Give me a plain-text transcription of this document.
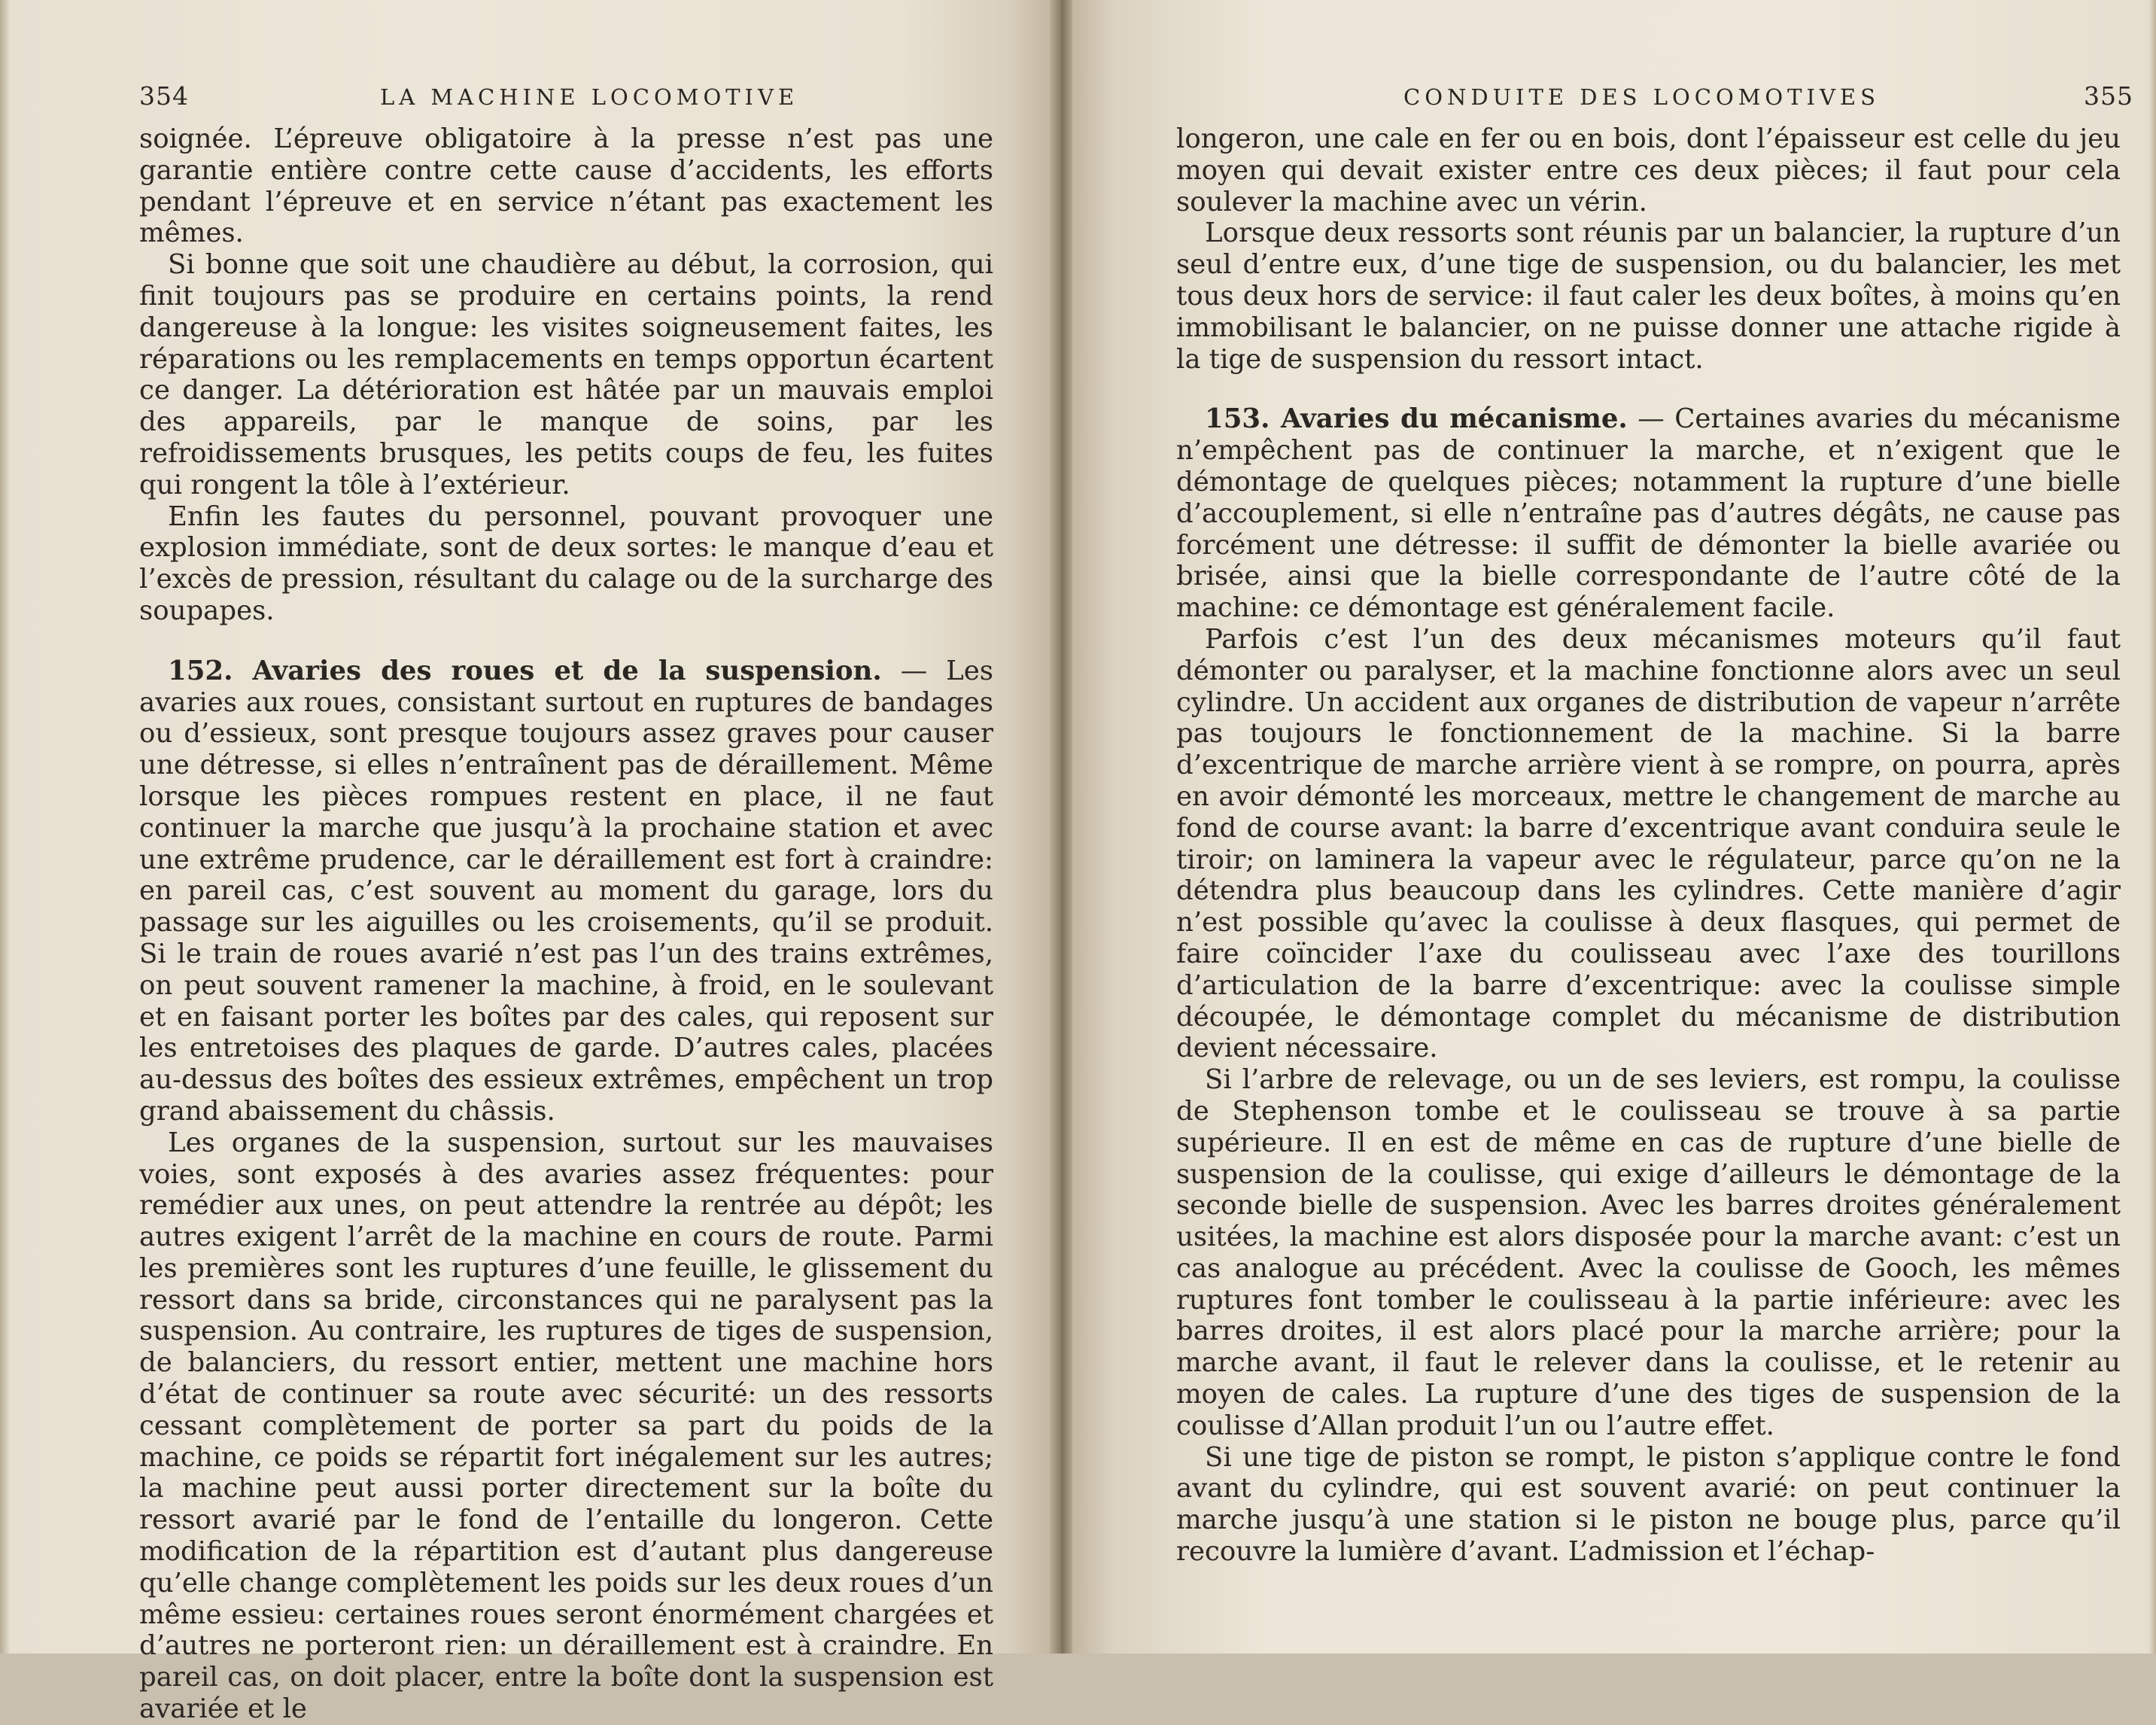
354	LA MACHINE LOCOMOTIVE

soignée. L’épreuve obligatoire à la presse n’est pas une garantie entière contre cette cause d’accidents, les efforts pendant l’épreuve et en service n’étant pas exactement les mêmes.

Si bonne que soit une chaudière au début, la corrosion, qui finit toujours pas se produire en certains points, la rend dangereuse à la longue: les visites soigneusement faites, les réparations ou les remplacements en temps opportun écartent ce danger. La détérioration est hâtée par un mauvais emploi des appareils, par le manque de soins, par les refroidissements brusques, les petits coups de feu, les fuites qui rongent la tôle à l’extérieur.

Enfin les fautes du personnel, pouvant provoquer une explosion immédiate, sont de deux sortes: le manque d’eau et l’excès de pression, résultant du calage ou de la surcharge des soupapes.

152. Avaries des roues et de la suspension. — Les avaries aux roues, consistant surtout en ruptures de bandages ou d’essieux, sont presque toujours assez graves pour causer une détresse, si elles n’entraînent pas de déraillement. Même lorsque les pièces rompues restent en place, il ne faut continuer la marche que jusqu’à la prochaine station et avec une extrême prudence, car le déraillement est fort à craindre: en pareil cas, c’est souvent au moment du garage, lors du passage sur les aiguilles ou les croisements, qu’il se produit. Si le train de roues avarié n’est pas l’un des trains extrêmes, on peut souvent ramener la machine, à froid, en le soulevant et en faisant porter les boîtes par des cales, qui reposent sur les entretoises des plaques de garde. D’autres cales, placées au-dessus des boîtes des essieux extrêmes, empêchent un trop grand abaissement du châssis.

Les organes de la suspension, surtout sur les mauvaises voies, sont exposés à des avaries assez fréquentes: pour remédier aux unes, on peut attendre la rentrée au dépôt; les autres exigent l’arrêt de la machine en cours de route. Parmi les premières sont les ruptures d’une feuille, le glissement du ressort dans sa bride, circonstances qui ne paralysent pas la suspension. Au contraire, les ruptures de tiges de suspension, de balanciers, du ressort entier, mettent une machine hors d’état de continuer sa route avec sécurité: un des ressorts cessant complètement de porter sa part du poids de la machine, ce poids se répartit fort inégalement sur les autres; la machine peut aussi porter directement sur la boîte du ressort avarié par le fond de l’entaille du longeron. Cette modification de la répartition est d’autant plus dangereuse qu’elle change complètement les poids sur les deux roues d’un même essieu: certaines roues seront énormément chargées et d’autres ne porteront rien: un déraillement est à craindre. En pareil cas, on doit placer, entre la boîte dont la suspension est avariée et le

CONDUITE DES LOCOMOTIVES	355

longeron, une cale en fer ou en bois, dont l’épaisseur est celle du jeu moyen qui devait exister entre ces deux pièces; il faut pour cela soulever la machine avec un vérin.

Lorsque deux ressorts sont réunis par un balancier, la rupture d’un seul d’entre eux, d’une tige de suspension, ou du balancier, les met tous deux hors de service: il faut caler les deux boîtes, à moins qu’en immobilisant le balancier, on ne puisse donner une attache rigide à la tige de suspension du ressort intact.

153. Avaries du mécanisme. — Certaines avaries du mécanisme n’empêchent pas de continuer la marche, et n’exigent que le démontage de quelques pièces; notamment la rupture d’une bielle d’accouplement, si elle n’entraîne pas d’autres dégâts, ne cause pas forcément une détresse: il suffit de démonter la bielle avariée ou brisée, ainsi que la bielle correspondante de l’autre côté de la machine: ce démontage est généralement facile.

Parfois c’est l’un des deux mécanismes moteurs qu’il faut démonter ou paralyser, et la machine fonctionne alors avec un seul cylindre. Un accident aux organes de distribution de vapeur n’arrête pas toujours le fonctionnement de la machine. Si la barre d’excentrique de marche arrière vient à se rompre, on pourra, après en avoir démonté les morceaux, mettre le changement de marche au fond de course avant: la barre d’excentrique avant conduira seule le tiroir; on laminera la vapeur avec le régulateur, parce qu’on ne la détendra plus beaucoup dans les cylindres. Cette manière d’agir n’est possible qu’avec la coulisse à deux flasques, qui permet de faire coïncider l’axe du coulisseau avec l’axe des tourillons d’articulation de la barre d’excentrique: avec la coulisse simple découpée, le démontage complet du mécanisme de distribution devient nécessaire.

Si l’arbre de relevage, ou un de ses leviers, est rompu, la coulisse de Stephenson tombe et le coulisseau se trouve à sa partie supérieure. Il en est de même en cas de rupture d’une bielle de suspension de la coulisse, qui exige d’ailleurs le démontage de la seconde bielle de suspension. Avec les barres droites généralement usitées, la machine est alors disposée pour la marche avant: c’est un cas analogue au précédent. Avec la coulisse de Gooch, les mêmes ruptures font tomber le coulisseau à la partie inférieure: avec les barres droites, il est alors placé pour la marche arrière; pour la marche avant, il faut le relever dans la coulisse, et le retenir au moyen de cales. La rupture d’une des tiges de suspension de la coulisse d’Allan produit l’un ou l’autre effet.

Si une tige de piston se rompt, le piston s’applique contre le fond avant du cylindre, qui est souvent avarié: on peut continuer la marche jusqu’à une station si le piston ne bouge plus, parce qu’il recouvre la lumière d’avant. L’admission et l’échap-
